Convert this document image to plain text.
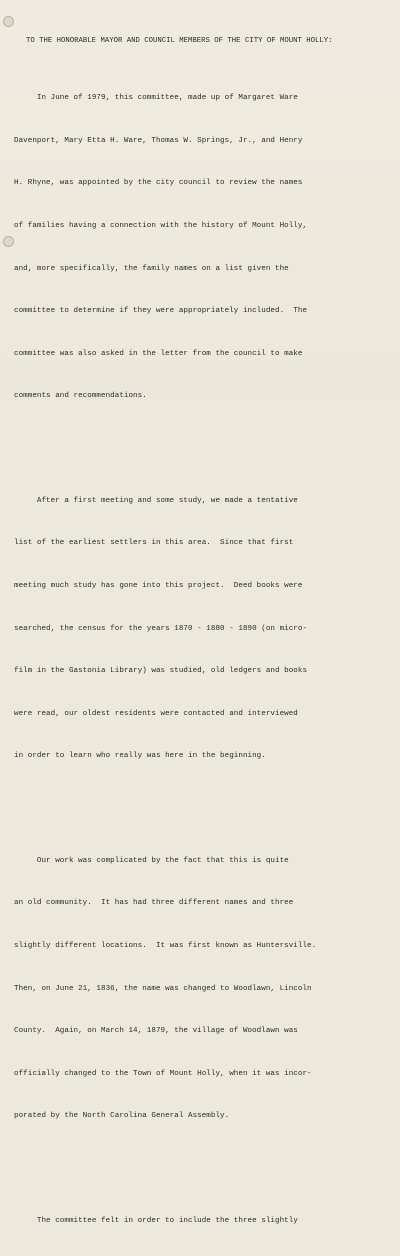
TO THE HONORABLE MAYOR AND COUNCIL MEMBERS OF THE CITY OF MOUNT HOLLY:

In June of 1979, this committee, made up of Margaret Ware

Davenport, Mary Etta H. Ware, Thomas W. Springs, Jr., and Henry

H. Rhyne, was appointed by the city council to review the names

of families having a connection with the history of Mount Holly,

and, more specifically, the family names on a list given the

committee to determine if they were appropriately included.  The

committee was also asked in the letter from the council to make

comments and recommendations.

After a first meeting and some study, we made a tentative

list of the earliest settlers in this area.  Since that first

meeting much study has gone into this project.  Deed books were

searched, the census for the years 1870 - 1880 - 1890 (on micro-

film in the Gastonia Library) was studied, old ledgers and books

were read, our oldest residents were contacted and interviewed

in order to learn who really was here in the beginning.

Our work was complicated by the fact that this is quite

an old community.  It has had three different names and three

slightly different locations.  It was first known as Huntersville.

Then, on June 21, 1836, the name was changed to Woodlawn, Lincoln

County.  Again, on March 14, 1879, the village of Woodlawn was

officially changed to the Town of Mount Holly, when it was incor-

porated by the North Carolina General Assembly.

The committee felt in order to include the three slightly
